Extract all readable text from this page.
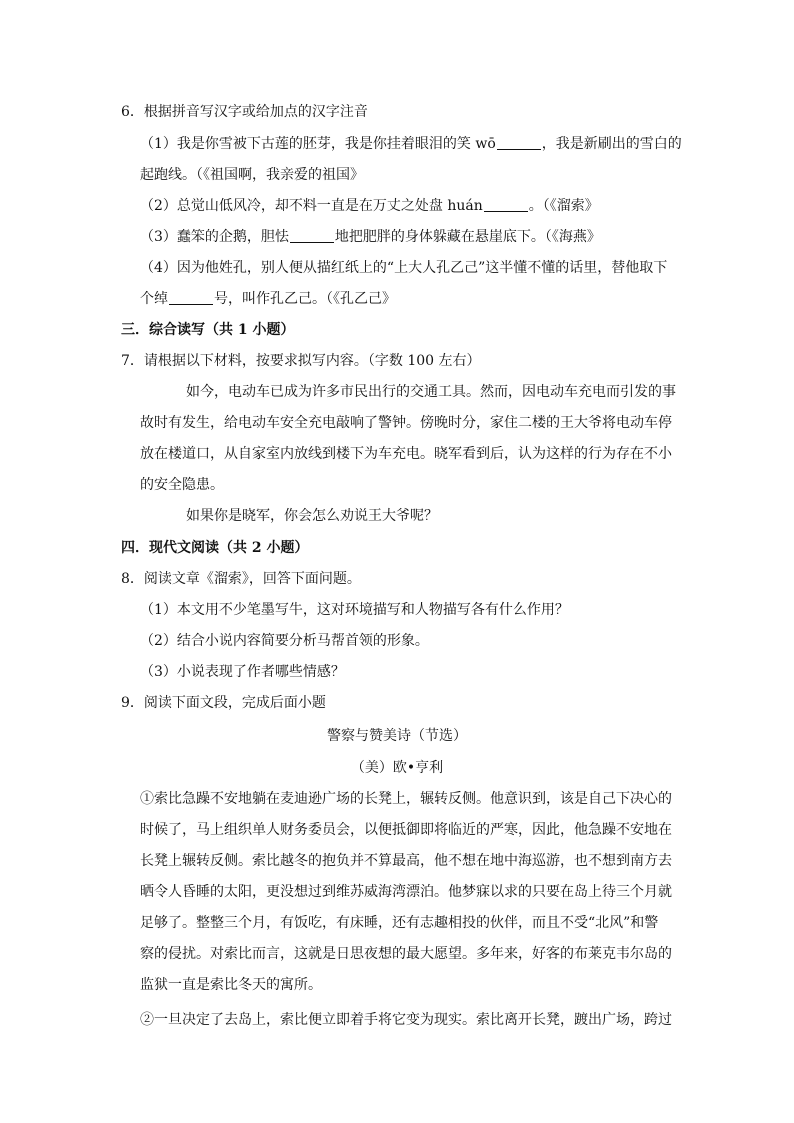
6．根据拼音写汉字或给加点的汉字注音
（1）我是你雪被下古莲的胚芽，我是你挂着眼泪的笑 wō	，我是新刷出的雪白的
起跑线。（《祖国啊，我亲爱的祖国》
（2）总觉山低风冷，却不料一直是在万丈之处盘 huán	。（《溜索》
（3）蠢笨的企鹅，胆怯	地把肥胖的身体躲藏在悬崖底下。（《海燕》
（4）因为他姓孔，别人便从描红纸上的“上大人孔乙己”这半懂不懂的话里，替他取下
个绰	号，叫作孔乙己。（《孔乙己》
三．综合读写（共 1 小题）
7．请根据以下材料，按要求拟写内容。（字数 100 左右）
如今，电动车已成为许多市民出行的交通工具。然而，因电动车充电而引发的事
故时有发生，给电动车安全充电敲响了警钟。傍晚时分，家住二楼的王大爷将电动车停
放在楼道口，从自家室内放线到楼下为车充电。晓军看到后，认为这样的行为存在不小
的安全隐患。
如果你是晓军，你会怎么劝说王大爷呢？
四．现代文阅读（共 2 小题）
8．阅读文章《溜索》，回答下面问题。
（1）本文用不少笔墨写牛，这对环境描写和人物描写各有什么作用？
（2）结合小说内容简要分析马帮首领的形象。
（3）小说表现了作者哪些情感？
9．阅读下面文段，完成后面小题
警察与赞美诗（节选）
（美）欧•亨利
①索比急躁不安地躺在麦迪逊广场的长凳上，辗转反侧。他意识到，该是自己下决心的
时候了，马上组织单人财务委员会，以便抵御即将临近的严寒，因此，他急躁不安地在
长凳上辗转反侧。索比越冬的抱负并不算最高，他不想在地中海巡游，也不想到南方去
晒令人昏睡的太阳，更没想过到维苏威海湾漂泊。他梦寐以求的只要在岛上待三个月就
足够了。整整三个月，有饭吃，有床睡，还有志趣相投的伙伴，而且不受“北风”和警
察的侵扰。对索比而言，这就是日思夜想的最大愿望。多年来，好客的布莱克韦尔岛的
监狱一直是索比冬天的寓所。
②一旦决定了去岛上，索比便立即着手将它变为现实。索比离开长凳，踱出广场，跨过
